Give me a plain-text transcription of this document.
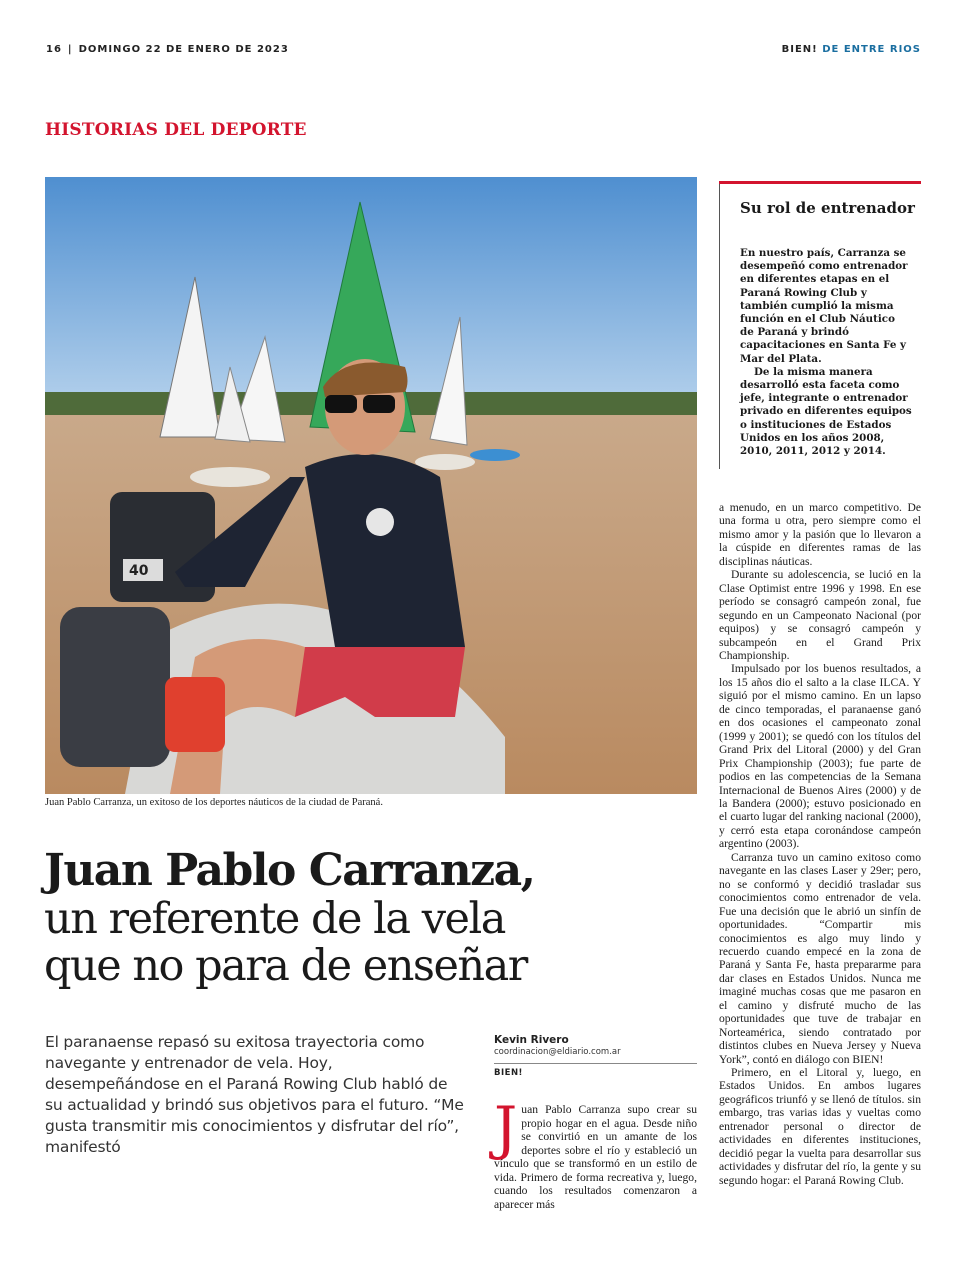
16 | DOMINGO 22 DE ENERO DE 2023	BIEN! DE ENTRE RIOS
HISTORIAS DEL DEPORTE
40
Juan Pablo Carranza, un exitoso de los deportes náuticos de la ciudad de Paraná.
Juan Pablo Carranza,
un referente de la vela
que no para de enseñar
El paranaense repasó su exitosa trayectoria como navegante y entrenador de vela. Hoy, desempeñándose en el Paraná Rowing Club habló de su actualidad y brindó sus objetivos para el futuro. “Me gusta transmitir mis conocimientos y disfrutar del río”, manifestó
Kevin Rivero
coordinacion@eldiario.com.ar
BIEN!
Juan Pablo Carranza supo crear su propio hogar en el agua. Desde niño se convirtió en un amante de los deportes sobre el río y estableció un vínculo que se transformó en un estilo de vida. Primero de forma recreativa y, luego, cuando los resultados comenzaron a aparecer más
Su rol de entrenador

En nuestro país, Carranza se desempeñó como entrenador en diferentes etapas en el Paraná Rowing Club y también cumplió la misma función en el Club Náutico de Paraná y brindó capacitaciones en Santa Fe y Mar del Plata.

De la misma manera desarrolló esta faceta como jefe, integrante o entrenador privado en diferentes equipos o instituciones de Estados Unidos en los años 2008, 2010, 2011, 2012 y 2014.

a menudo, en un marco competitivo. De una forma u otra, pero siempre como el mismo amor y la pasión que lo llevaron a la cúspide en diferentes ramas de las disciplinas náuticas.

Durante su adolescencia, se lució en la Clase Optimist entre 1996 y 1998. En ese período se consagró campeón zonal, fue segundo en un Campeonato Nacional (por equipos) y se consagró campeón y subcampeón en el Grand Prix Championship.

Impulsado por los buenos resultados, a los 15 años dio el salto a la clase ILCA. Y siguió por el mismo camino. En un lapso de cinco temporadas, el paranaense ganó en dos ocasiones el campeonato zonal (1999 y 2001); se quedó con los títulos del Grand Prix del Litoral (2000) y del Gran Prix Championship (2003); fue parte de podios en las competencias de la Semana Internacional de Buenos Aires (2000) y de la Bandera (2000); estuvo posicionado en el cuarto lugar del ranking nacional (2000), y cerró esta etapa coronándose campeón argentino (2003).

Carranza tuvo un camino exitoso como navegante en las clases Laser y 29er; pero, no se conformó y decidió trasladar sus conocimientos como entrenador de vela. Fue una decisión que le abrió un sinfín de oportunidades. “Compartir mis conocimientos es algo muy lindo y recuerdo cuando empecé en la zona de Paraná y Santa Fe, hasta prepararme para dar clases en Estados Unidos. Nunca me imaginé muchas cosas que me pasaron en el camino y disfruté mucho de las oportunidades que tuve de trabajar en Norteamérica, siendo contratado por distintos clubes en Nueva Jersey y Nueva York”, contó en diálogo con BIEN!

Primero, en el Litoral y, luego, en Estados Unidos. En ambos lugares geográficos triunfó y se llenó de títulos. sin embargo, tras varias idas y vueltas como entrenador personal o director de actividades en diferentes instituciones, decidió pegar la vuelta para desarrollar sus actividades y disfrutar del río, la gente y su segundo hogar: el Paraná Rowing Club.
